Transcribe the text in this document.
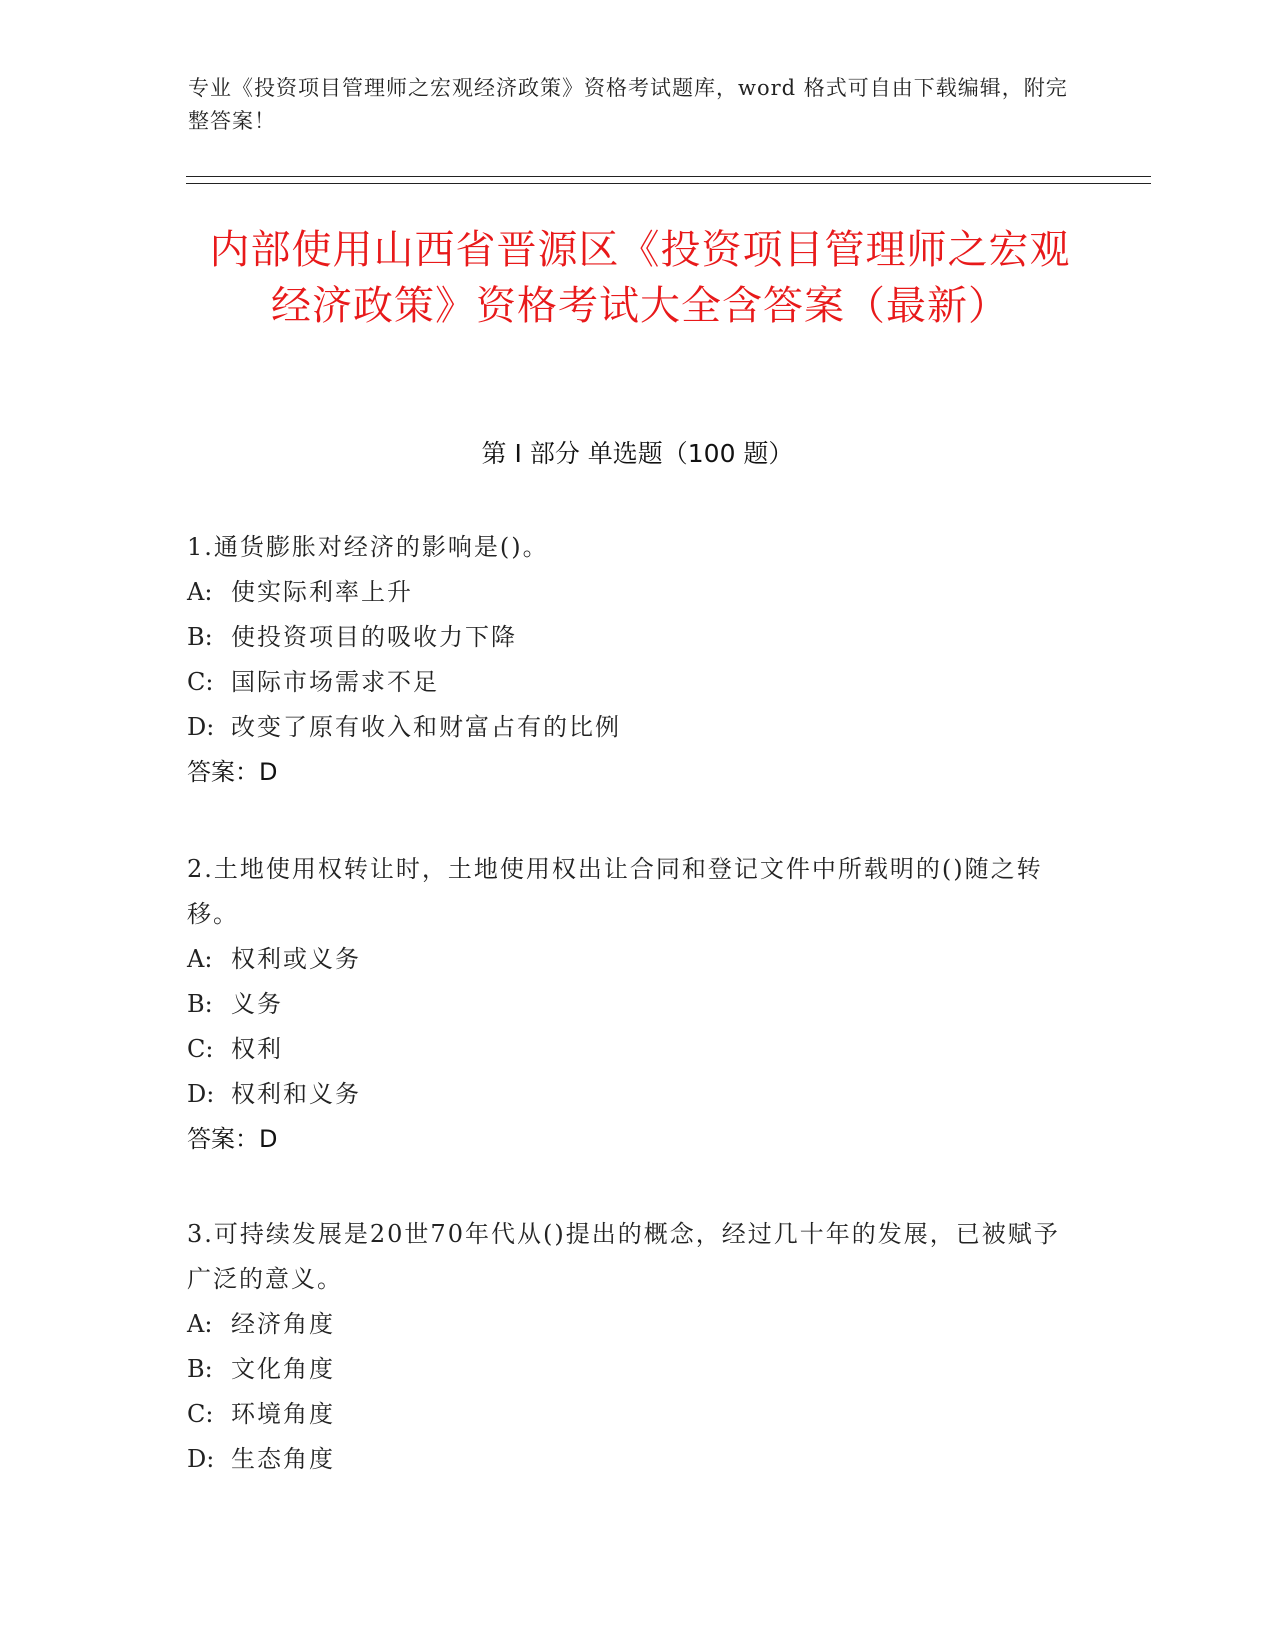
专业《投资项目管理师之宏观经济政策》资格考试题库，word 格式可自由下载编辑，附完整答案！
内部使用山西省晋源区《投资项目管理师之宏观经济政策》资格考试大全含答案（最新）
第 I 部分 单选题（100 题）
1.通货膨胀对经济的影响是()。
A: 使实际利率上升
B: 使投资项目的吸收力下降
C: 国际市场需求不足
D: 改变了原有收入和财富占有的比例
答案：D
2.土地使用权转让时，土地使用权出让合同和登记文件中所载明的()随之转移。
A: 权利或义务
B: 义务
C: 权利
D: 权利和义务
答案：D
3.可持续发展是20世70年代从()提出的概念，经过几十年的发展，已被赋予广泛的意义。
A: 经济角度
B: 文化角度
C: 环境角度
D: 生态角度
